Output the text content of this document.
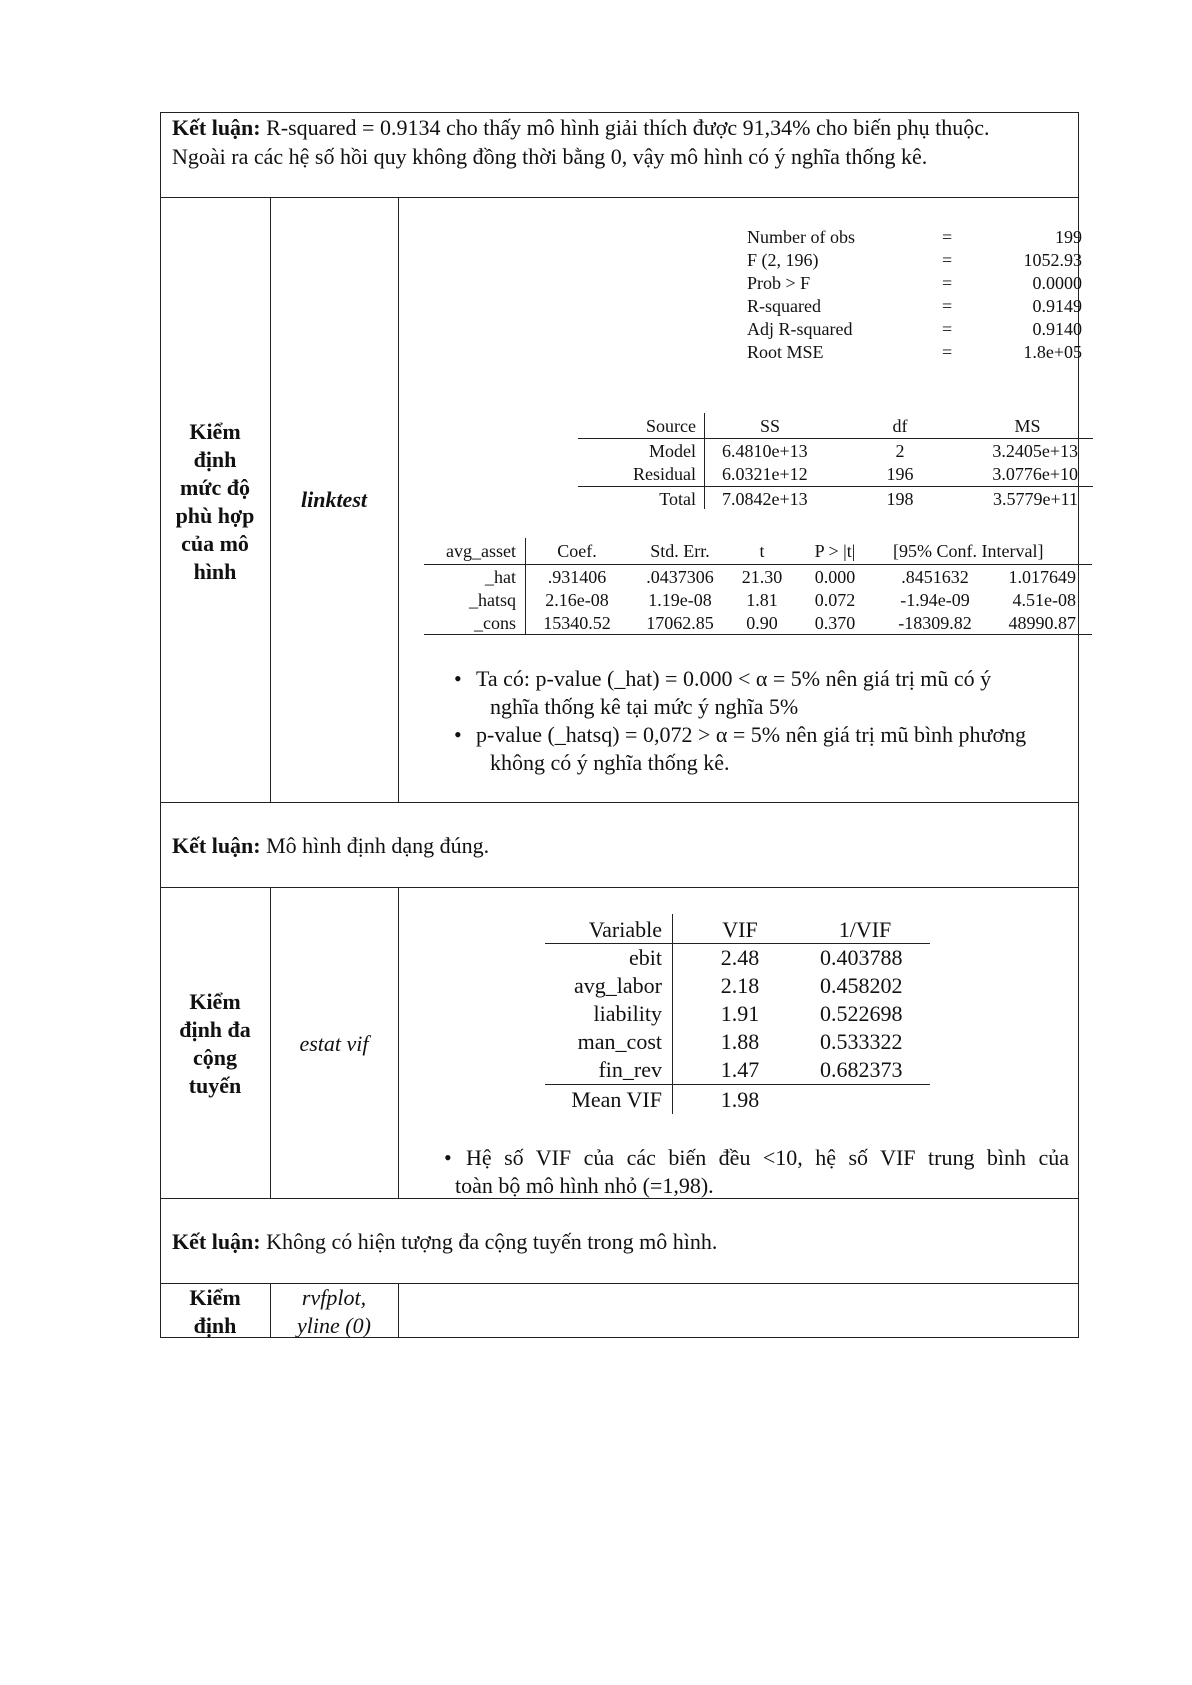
Kết luận: R-squared = 0.9134 cho thấy mô hình giải thích được 91,34% cho biến phụ thuộc.
Ngoài ra các hệ số hồi quy không đồng thời bằng 0, vậy mô hình có ý nghĩa thống kê.
Kiểm
định
mức độ
phù hợp
của mô
hình
linktest
Number of obs	=	199
F (2, 196)	=	1052.93
Prob > F	=	0.0000
R-squared	=	0.9149
Adj R-squared	=	0.9140
Root MSE	=	1.8e+05
Source	SS	df	MS
Model 6.4810e+13	2	3.2405e+13
Residual 6.0321e+12	196	3.0776e+10
Total 7.0842e+13	198	3.5779e+11
avg_asset	Coef.	Std. Err.	t	P > |t|	[95% Conf. Interval]
_hat	.931406	.0437306	21.30	0.000	.8451632	1.017649
_hatsq	2.16e-08	1.19e-08	1.81	0.072	-1.94e-09	4.51e-08
_cons	15340.52	17062.85	0.90	0.370	-18309.82	48990.87
• Ta có: p-value (_hat) = 0.000 < α = 5% nên giá trị mũ có ý
nghĩa thống kê tại mức ý nghĩa 5%
• p-value (_hatsq) = 0,072 > α = 5% nên giá trị mũ bình phương
không có ý nghĩa thống kê.
Kết luận: Mô hình định dạng đúng.
Kiểm
định đa
cộng
tuyến
estat vif
Variable	VIF	1/VIF
ebit	2.48	0.403788
avg_labor	2.18	0.458202
liability	1.91	0.522698
man_cost	1.88	0.533322
fin_rev	1.47	0.682373
Mean VIF	1.98
• Hệ số VIF của các biến đều <10, hệ số VIF trung bình của
toàn bộ mô hình nhỏ (=1,98).
Kết luận: Không có hiện tượng đa cộng tuyến trong mô hình.
Kiểm
định
rvfplot,
yline (0)
